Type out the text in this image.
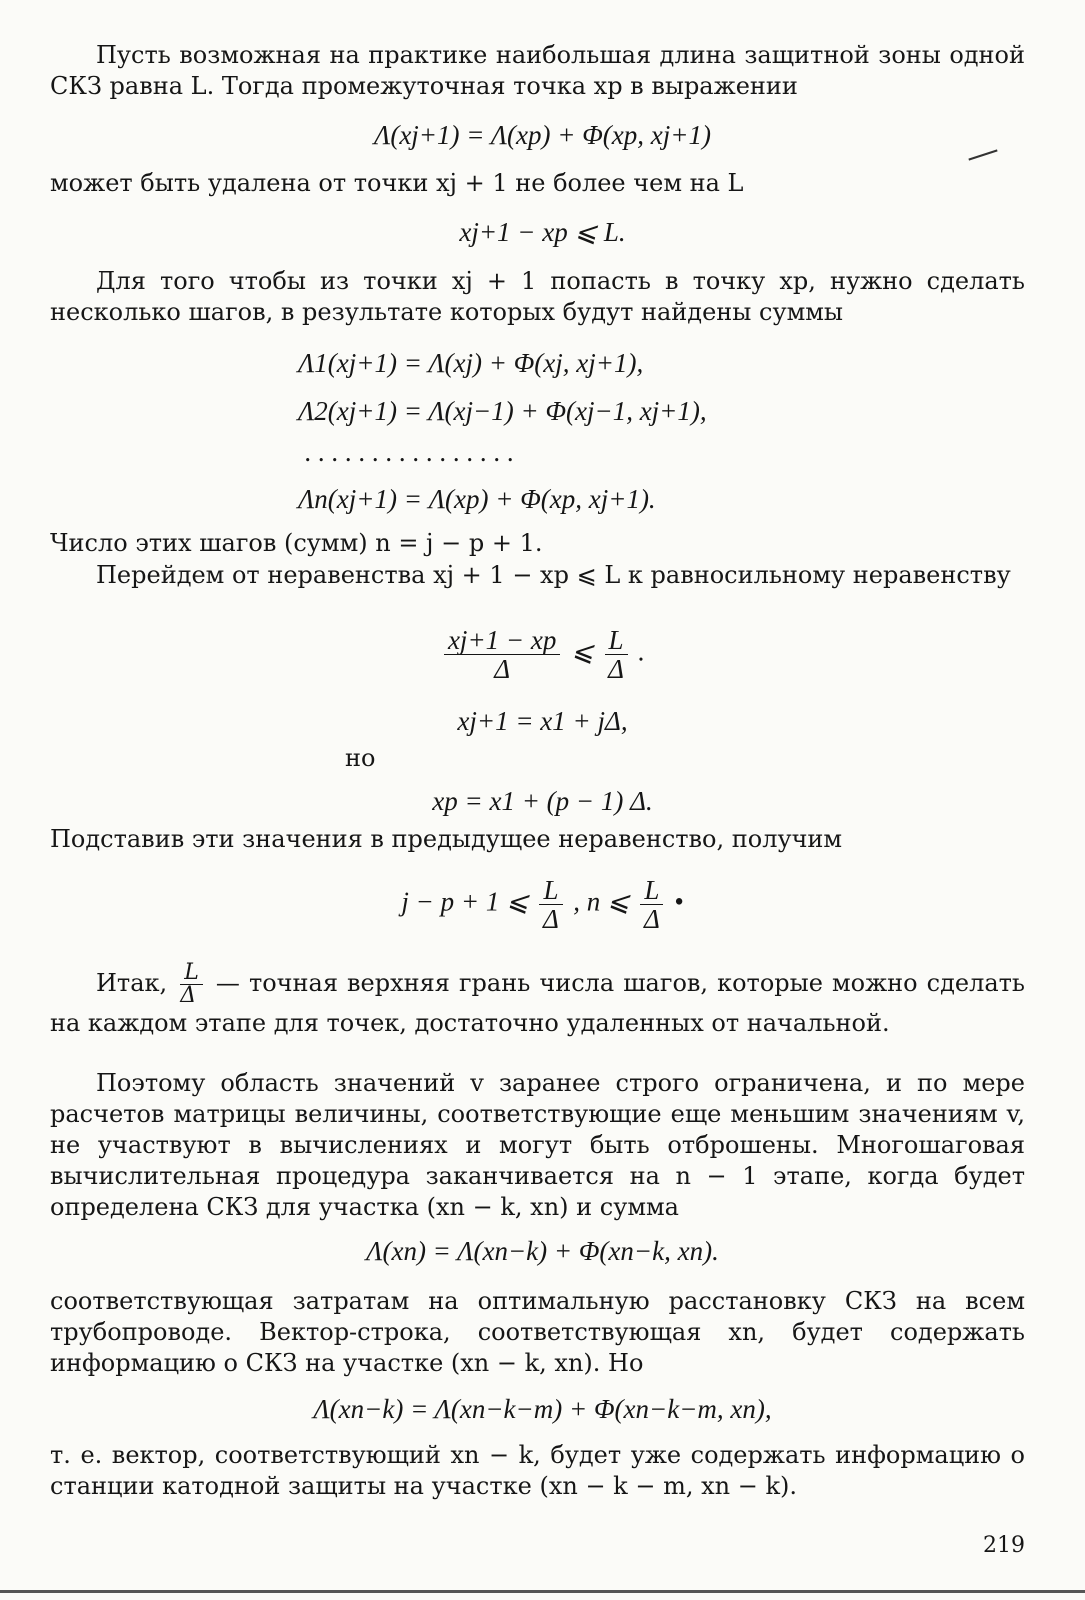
Пусть возможная на практике наибольшая длина защитной зоны одной СКЗ равна L. Тогда промежуточная точка xp в выражении
Λ(xj+1) = Λ(xp) + Φ(xp, xj+1)
может быть удалена от точки xj + 1 не более чем на L
xj+1 − xp ⩽ L.
Для того чтобы из точки xj + 1 попасть в точку xp, нужно сделать несколько шагов, в результате которых будут найдены суммы
Λ1(xj+1) = Λ(xj) + Φ(xj, xj+1),
Λ2(xj+1) = Λ(xj−1) + Φ(xj−1, xj+1),
. . . . . . . . . . . . . . . .
Λn(xj+1) = Λ(xp) + Φ(xp, xj+1).
Число этих шагов (сумм) n = j − p + 1.
Перейдем от неравенства xj + 1 − xp ⩽ L к равносильному неравенству
$\frac{xj+1 - xp}{\Delta}$ ⩽ $\frac{L}{\Delta}$ .
xj+1 = x1 + jΔ,
но
xp = x1 + (p − 1) Δ.
Подставив эти значения в предыдущее неравенство, получим
j − p + 1 ⩽ $\frac{L}{\Delta}$ , n ⩽ $\frac{L}{\Delta}$ •
Итак, $\frac{L}{\Delta}$ — точная верхняя грань числа шагов, которые можно сделать на каждом этапе для точек, достаточно удаленных от начальной.
Поэтому область значений v заранее строго ограничена, и по мере расчетов матрицы величины, соответствующие еще меньшим значениям v, не участвуют в вычислениях и могут быть отброшены. Многошаговая вычислительная процедура заканчивается на n − 1 этапе, когда будет определена СКЗ для участка (xn − k, xn) и сумма
Λ(xn) = Λ(xn−k) + Φ(xn−k, xn).
соответствующая затратам на оптимальную расстановку СКЗ на всем трубопроводе. Вектор-строка, соответствующая xn, будет содержать информацию о СКЗ на участке (xn − k, xn). Но
Λ(xn−k) = Λ(xn−k−m) + Φ(xn−k−m, xn),
т. е. вектор, соответствующий xn − k, будет уже содержать информацию о станции катодной защиты на участке (xn − k − m, xn − k).
219
